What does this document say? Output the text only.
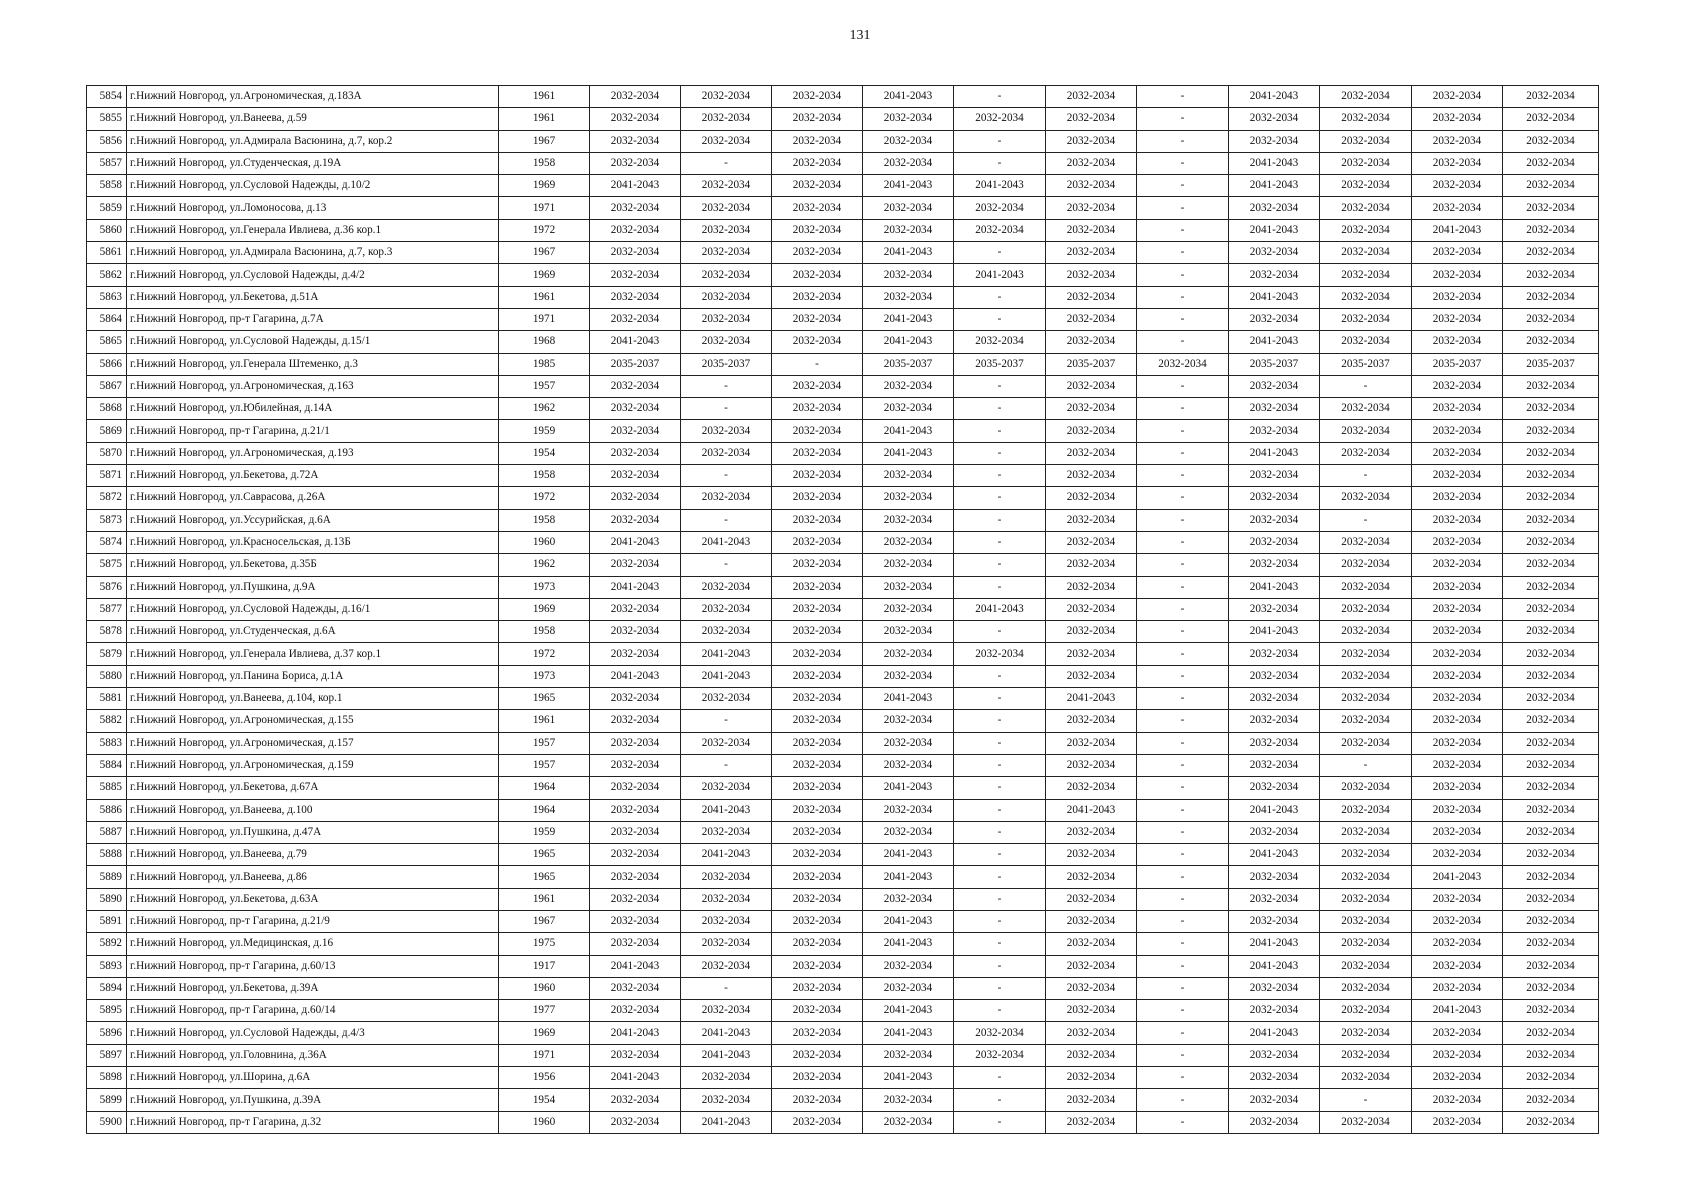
131
5854	г.Нижний Новгород, ул.Агрономическая, д.183А	1961	2032-2034	2032-2034	2032-2034	2041-2043	-	2032-2034	-	2041-2043	2032-2034	2032-2034	2032-2034
5855	г.Нижний Новгород, ул.Ванеева, д.59	1961	2032-2034	2032-2034	2032-2034	2032-2034	2032-2034	2032-2034	-	2032-2034	2032-2034	2032-2034	2032-2034
5856	г.Нижний Новгород, ул.Адмирала Васюнина, д.7, кор.2	1967	2032-2034	2032-2034	2032-2034	2032-2034	-	2032-2034	-	2032-2034	2032-2034	2032-2034	2032-2034
5857	г.Нижний Новгород, ул.Студенческая, д.19А	1958	2032-2034	-	2032-2034	2032-2034	-	2032-2034	-	2041-2043	2032-2034	2032-2034	2032-2034
5858	г.Нижний Новгород, ул.Сусловой Надежды, д.10/2	1969	2041-2043	2032-2034	2032-2034	2041-2043	2041-2043	2032-2034	-	2041-2043	2032-2034	2032-2034	2032-2034
5859	г.Нижний Новгород, ул.Ломоносова, д.13	1971	2032-2034	2032-2034	2032-2034	2032-2034	2032-2034	2032-2034	-	2032-2034	2032-2034	2032-2034	2032-2034
5860	г.Нижний Новгород, ул.Генерала Ивлиева, д.36 кор.1	1972	2032-2034	2032-2034	2032-2034	2032-2034	2032-2034	2032-2034	-	2041-2043	2032-2034	2041-2043	2032-2034
5861	г.Нижний Новгород, ул.Адмирала Васюнина, д.7, кор.3	1967	2032-2034	2032-2034	2032-2034	2041-2043	-	2032-2034	-	2032-2034	2032-2034	2032-2034	2032-2034
5862	г.Нижний Новгород, ул.Сусловой Надежды, д.4/2	1969	2032-2034	2032-2034	2032-2034	2032-2034	2041-2043	2032-2034	-	2032-2034	2032-2034	2032-2034	2032-2034
5863	г.Нижний Новгород, ул.Бекетова, д.51А	1961	2032-2034	2032-2034	2032-2034	2032-2034	-	2032-2034	-	2041-2043	2032-2034	2032-2034	2032-2034
5864	г.Нижний Новгород, пр-т Гагарина, д.7А	1971	2032-2034	2032-2034	2032-2034	2041-2043	-	2032-2034	-	2032-2034	2032-2034	2032-2034	2032-2034
5865	г.Нижний Новгород, ул.Сусловой Надежды, д.15/1	1968	2041-2043	2032-2034	2032-2034	2041-2043	2032-2034	2032-2034	-	2041-2043	2032-2034	2032-2034	2032-2034
5866	г.Нижний Новгород, ул.Генерала Штеменко, д.3	1985	2035-2037	2035-2037	-	2035-2037	2035-2037	2035-2037	2032-2034	2035-2037	2035-2037	2035-2037	2035-2037
5867	г.Нижний Новгород, ул.Агрономическая, д.163	1957	2032-2034	-	2032-2034	2032-2034	-	2032-2034	-	2032-2034	-	2032-2034	2032-2034
5868	г.Нижний Новгород, ул.Юбилейная, д.14А	1962	2032-2034	-	2032-2034	2032-2034	-	2032-2034	-	2032-2034	2032-2034	2032-2034	2032-2034
5869	г.Нижний Новгород, пр-т Гагарина, д.21/1	1959	2032-2034	2032-2034	2032-2034	2041-2043	-	2032-2034	-	2032-2034	2032-2034	2032-2034	2032-2034
5870	г.Нижний Новгород, ул.Агрономическая, д.193	1954	2032-2034	2032-2034	2032-2034	2041-2043	-	2032-2034	-	2041-2043	2032-2034	2032-2034	2032-2034
5871	г.Нижний Новгород, ул.Бекетова, д.72А	1958	2032-2034	-	2032-2034	2032-2034	-	2032-2034	-	2032-2034	-	2032-2034	2032-2034
5872	г.Нижний Новгород, ул.Саврасова, д.26А	1972	2032-2034	2032-2034	2032-2034	2032-2034	-	2032-2034	-	2032-2034	2032-2034	2032-2034	2032-2034
5873	г.Нижний Новгород, ул.Уссурийская, д.6А	1958	2032-2034	-	2032-2034	2032-2034	-	2032-2034	-	2032-2034	-	2032-2034	2032-2034
5874	г.Нижний Новгород, ул.Красносельская, д.13Б	1960	2041-2043	2041-2043	2032-2034	2032-2034	-	2032-2034	-	2032-2034	2032-2034	2032-2034	2032-2034
5875	г.Нижний Новгород, ул.Бекетова, д.35Б	1962	2032-2034	-	2032-2034	2032-2034	-	2032-2034	-	2032-2034	2032-2034	2032-2034	2032-2034
5876	г.Нижний Новгород, ул.Пушкина, д.9А	1973	2041-2043	2032-2034	2032-2034	2032-2034	-	2032-2034	-	2041-2043	2032-2034	2032-2034	2032-2034
5877	г.Нижний Новгород, ул.Сусловой Надежды, д.16/1	1969	2032-2034	2032-2034	2032-2034	2032-2034	2041-2043	2032-2034	-	2032-2034	2032-2034	2032-2034	2032-2034
5878	г.Нижний Новгород, ул.Студенческая, д.6А	1958	2032-2034	2032-2034	2032-2034	2032-2034	-	2032-2034	-	2041-2043	2032-2034	2032-2034	2032-2034
5879	г.Нижний Новгород, ул.Генерала Ивлиева, д.37 кор.1	1972	2032-2034	2041-2043	2032-2034	2032-2034	2032-2034	2032-2034	-	2032-2034	2032-2034	2032-2034	2032-2034
5880	г.Нижний Новгород, ул.Панина Бориса, д.1А	1973	2041-2043	2041-2043	2032-2034	2032-2034	-	2032-2034	-	2032-2034	2032-2034	2032-2034	2032-2034
5881	г.Нижний Новгород, ул.Ванеева, д.104, кор.1	1965	2032-2034	2032-2034	2032-2034	2041-2043	-	2041-2043	-	2032-2034	2032-2034	2032-2034	2032-2034
5882	г.Нижний Новгород, ул.Агрономическая, д.155	1961	2032-2034	-	2032-2034	2032-2034	-	2032-2034	-	2032-2034	2032-2034	2032-2034	2032-2034
5883	г.Нижний Новгород, ул.Агрономическая, д.157	1957	2032-2034	2032-2034	2032-2034	2032-2034	-	2032-2034	-	2032-2034	2032-2034	2032-2034	2032-2034
5884	г.Нижний Новгород, ул.Агрономическая, д.159	1957	2032-2034	-	2032-2034	2032-2034	-	2032-2034	-	2032-2034	-	2032-2034	2032-2034
5885	г.Нижний Новгород, ул.Бекетова, д.67А	1964	2032-2034	2032-2034	2032-2034	2041-2043	-	2032-2034	-	2032-2034	2032-2034	2032-2034	2032-2034
5886	г.Нижний Новгород, ул.Ванеева, д.100	1964	2032-2034	2041-2043	2032-2034	2032-2034	-	2041-2043	-	2041-2043	2032-2034	2032-2034	2032-2034
5887	г.Нижний Новгород, ул.Пушкина, д.47А	1959	2032-2034	2032-2034	2032-2034	2032-2034	-	2032-2034	-	2032-2034	2032-2034	2032-2034	2032-2034
5888	г.Нижний Новгород, ул.Ванеева, д.79	1965	2032-2034	2041-2043	2032-2034	2041-2043	-	2032-2034	-	2041-2043	2032-2034	2032-2034	2032-2034
5889	г.Нижний Новгород, ул.Ванеева, д.86	1965	2032-2034	2032-2034	2032-2034	2041-2043	-	2032-2034	-	2032-2034	2032-2034	2041-2043	2032-2034
5890	г.Нижний Новгород, ул.Бекетова, д.63А	1961	2032-2034	2032-2034	2032-2034	2032-2034	-	2032-2034	-	2032-2034	2032-2034	2032-2034	2032-2034
5891	г.Нижний Новгород, пр-т Гагарина, д.21/9	1967	2032-2034	2032-2034	2032-2034	2041-2043	-	2032-2034	-	2032-2034	2032-2034	2032-2034	2032-2034
5892	г.Нижний Новгород, ул.Медицинская, д.16	1975	2032-2034	2032-2034	2032-2034	2041-2043	-	2032-2034	-	2041-2043	2032-2034	2032-2034	2032-2034
5893	г.Нижний Новгород, пр-т Гагарина, д.60/13	1917	2041-2043	2032-2034	2032-2034	2032-2034	-	2032-2034	-	2041-2043	2032-2034	2032-2034	2032-2034
5894	г.Нижний Новгород, ул.Бекетова, д.39А	1960	2032-2034	-	2032-2034	2032-2034	-	2032-2034	-	2032-2034	2032-2034	2032-2034	2032-2034
5895	г.Нижний Новгород, пр-т Гагарина, д.60/14	1977	2032-2034	2032-2034	2032-2034	2041-2043	-	2032-2034	-	2032-2034	2032-2034	2041-2043	2032-2034
5896	г.Нижний Новгород, ул.Сусловой Надежды, д.4/3	1969	2041-2043	2041-2043	2032-2034	2041-2043	2032-2034	2032-2034	-	2041-2043	2032-2034	2032-2034	2032-2034
5897	г.Нижний Новгород, ул.Головнина, д.36А	1971	2032-2034	2041-2043	2032-2034	2032-2034	2032-2034	2032-2034	-	2032-2034	2032-2034	2032-2034	2032-2034
5898	г.Нижний Новгород, ул.Шорина, д.6А	1956	2041-2043	2032-2034	2032-2034	2041-2043	-	2032-2034	-	2032-2034	2032-2034	2032-2034	2032-2034
5899	г.Нижний Новгород, ул.Пушкина, д.39А	1954	2032-2034	2032-2034	2032-2034	2032-2034	-	2032-2034	-	2032-2034	-	2032-2034	2032-2034
5900	г.Нижний Новгород, пр-т Гагарина, д.32	1960	2032-2034	2041-2043	2032-2034	2032-2034	-	2032-2034	-	2032-2034	2032-2034	2032-2034	2032-2034
